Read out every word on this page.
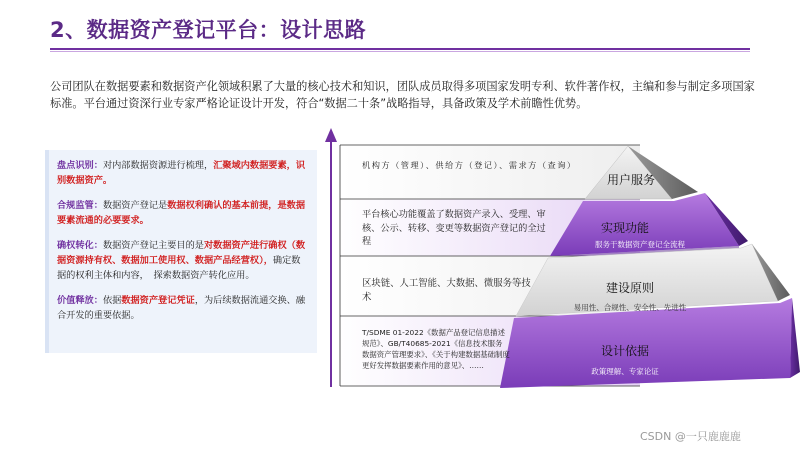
2、数据资产登记平台：设计思路
公司团队在数据要素和数据资产化领域积累了大量的核心技术和知识，团队成员取得多项国家发明专利、软件著作权，主编和参与制定多项国家标准。平台通过资深行业专家严格论证设计开发，符合“数据二十条”战略指导，具备政策及学术前瞻性优势。
盘点识别：对内部数据资源进行梳理，汇聚域内数据要素，识别数据资产。
合规监管：数据资产登记是数据权利确认的基本前提，是数据要素流通的必要要求。
确权转化：数据资产登记主要目的是对数据资产进行确权（数据资源持有权、数据加工使用权、数据产品经营权），确定数据的权利主体和内容，　探索数据资产转化应用。
价值释放：依据数据资产登记凭证，为后续数据流通交换、融合开发的重要依据。
机构方（管理）、供给方（登记）、需求方（查询）
平台核心功能覆盖了数据资产录入、受理、审核、公示、转移、变更等数据资产登记的全过程
区块链、人工智能、大数据、微服务等技术
T/SDME 01-2022《数据产品登记信息描述规范》、GB/T40685-2021《信息技术服务 数据资产管理要求》、《关于构建数据基础制度更好发挥数据要素作用的意见》、……
用户服务
实现功能
服务于数据资产登记全流程
建设原则
易用性、合规性、安全性、先进性
设计依据
政策理解、专家论证
CSDN @一只鹿鹿鹿
